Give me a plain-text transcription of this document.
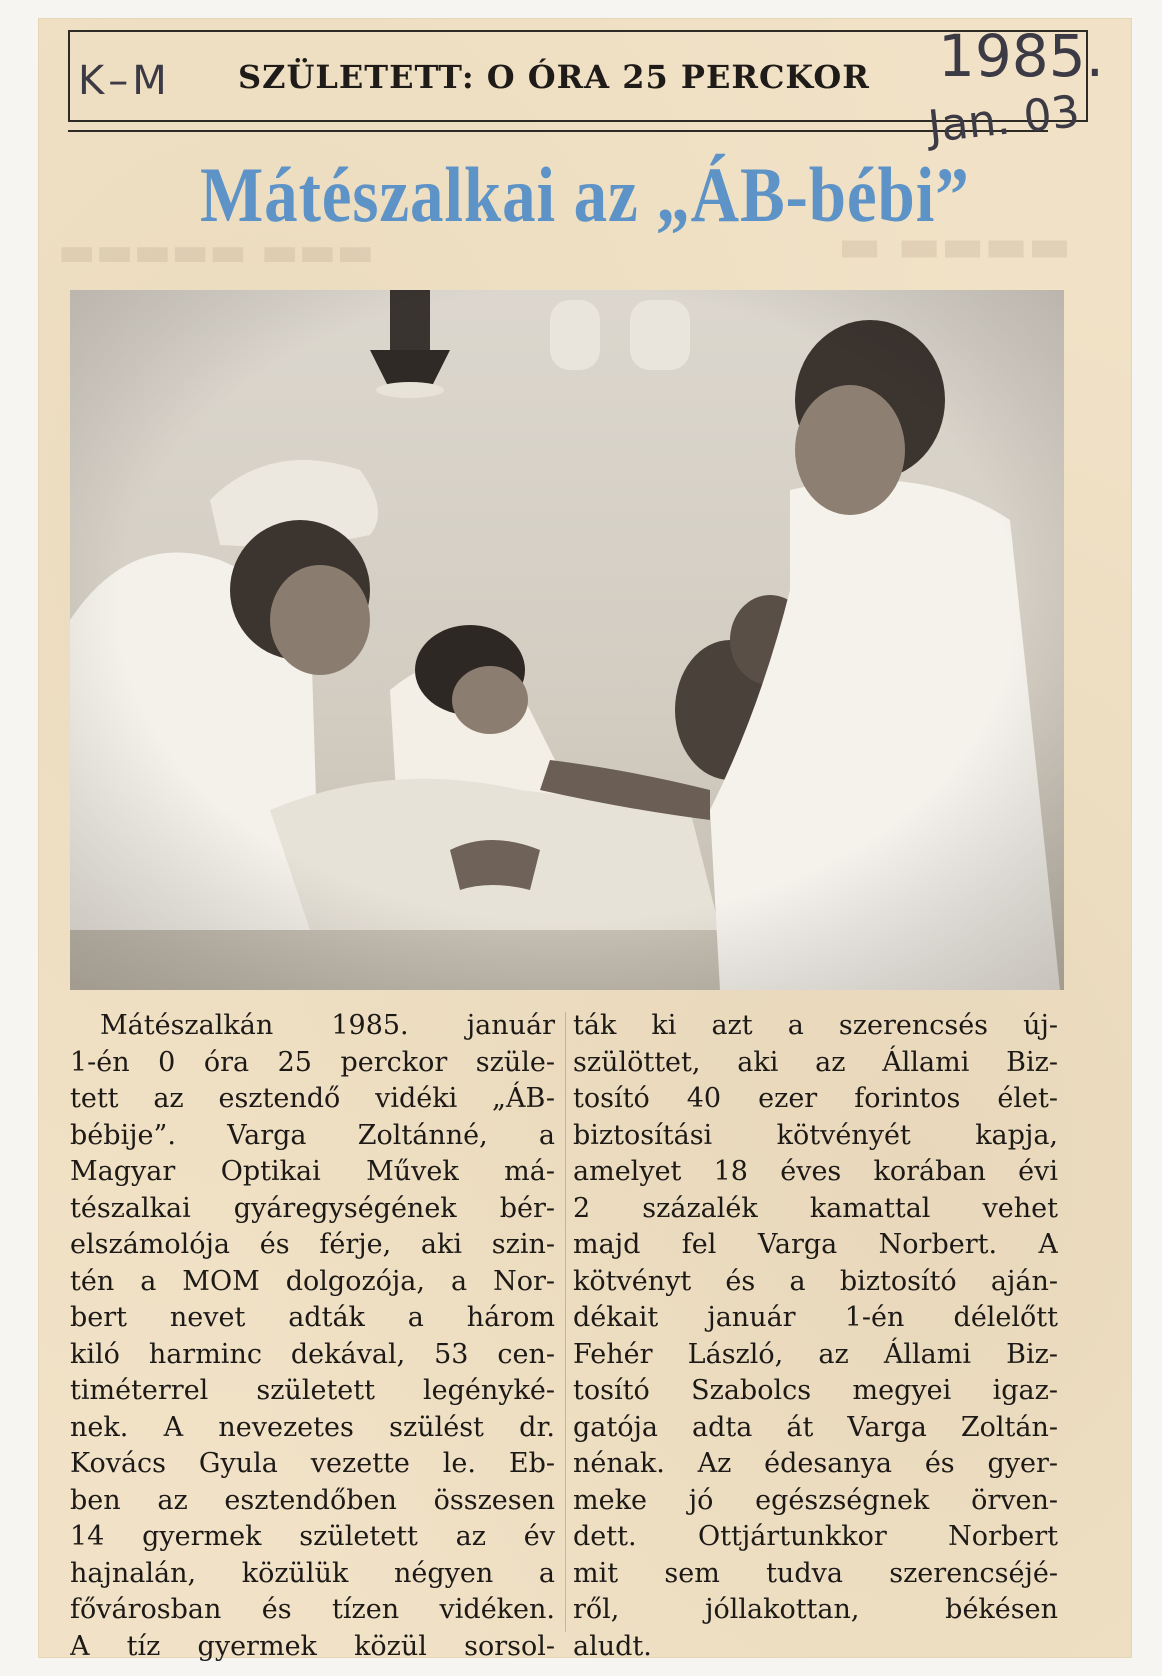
▬ ▬▬▬▬
▬▬▬▬▬ ▬▬▬
K–M SZÜLETETT: O ÓRA 25 PERCKOR 1985.
Jan. 03
Mátészalkai az „ÁB-bébi”
Mátészalkán 1985. január
1-én 0 óra 25 perckor szüle-
tett az esztendő vidéki „ÁB-
bébije”. Varga Zoltánné, a
Magyar Optikai Művek má-
tészalkai gyáregységének bér-
elszámolója és férje, aki szin-
tén a MOM dolgozója, a Nor-
bert nevet adták a három
kiló harminc dekával, 53 cen-
timéterrel született legényké-
nek. A nevezetes szülést dr.
Kovács Gyula vezette le. Eb-
ben az esztendőben összesen
14 gyermek született az év
hajnalán, közülük négyen a
fővárosban és tízen vidéken.
A tíz gyermek közül sorsol-
ták ki azt a szerencsés új-
szülöttet, aki az Állami Biz-
tosító 40 ezer forintos élet-
biztosítási kötvényét kapja,
amelyet 18 éves korában évi
2 százalék kamattal vehet
majd fel Varga Norbert. A
kötvényt és a biztosító aján-
dékait január 1-én délelőtt
Fehér László, az Állami Biz-
tosító Szabolcs megyei igaz-
gatója adta át Varga Zoltán-
nénak. Az édesanya és gyer-
meke jó egészségnek örven-
dett. Ottjártunkkor Norbert
mit sem tudva szerencséjé-
ről, jóllakottan, békésen
aludt.
